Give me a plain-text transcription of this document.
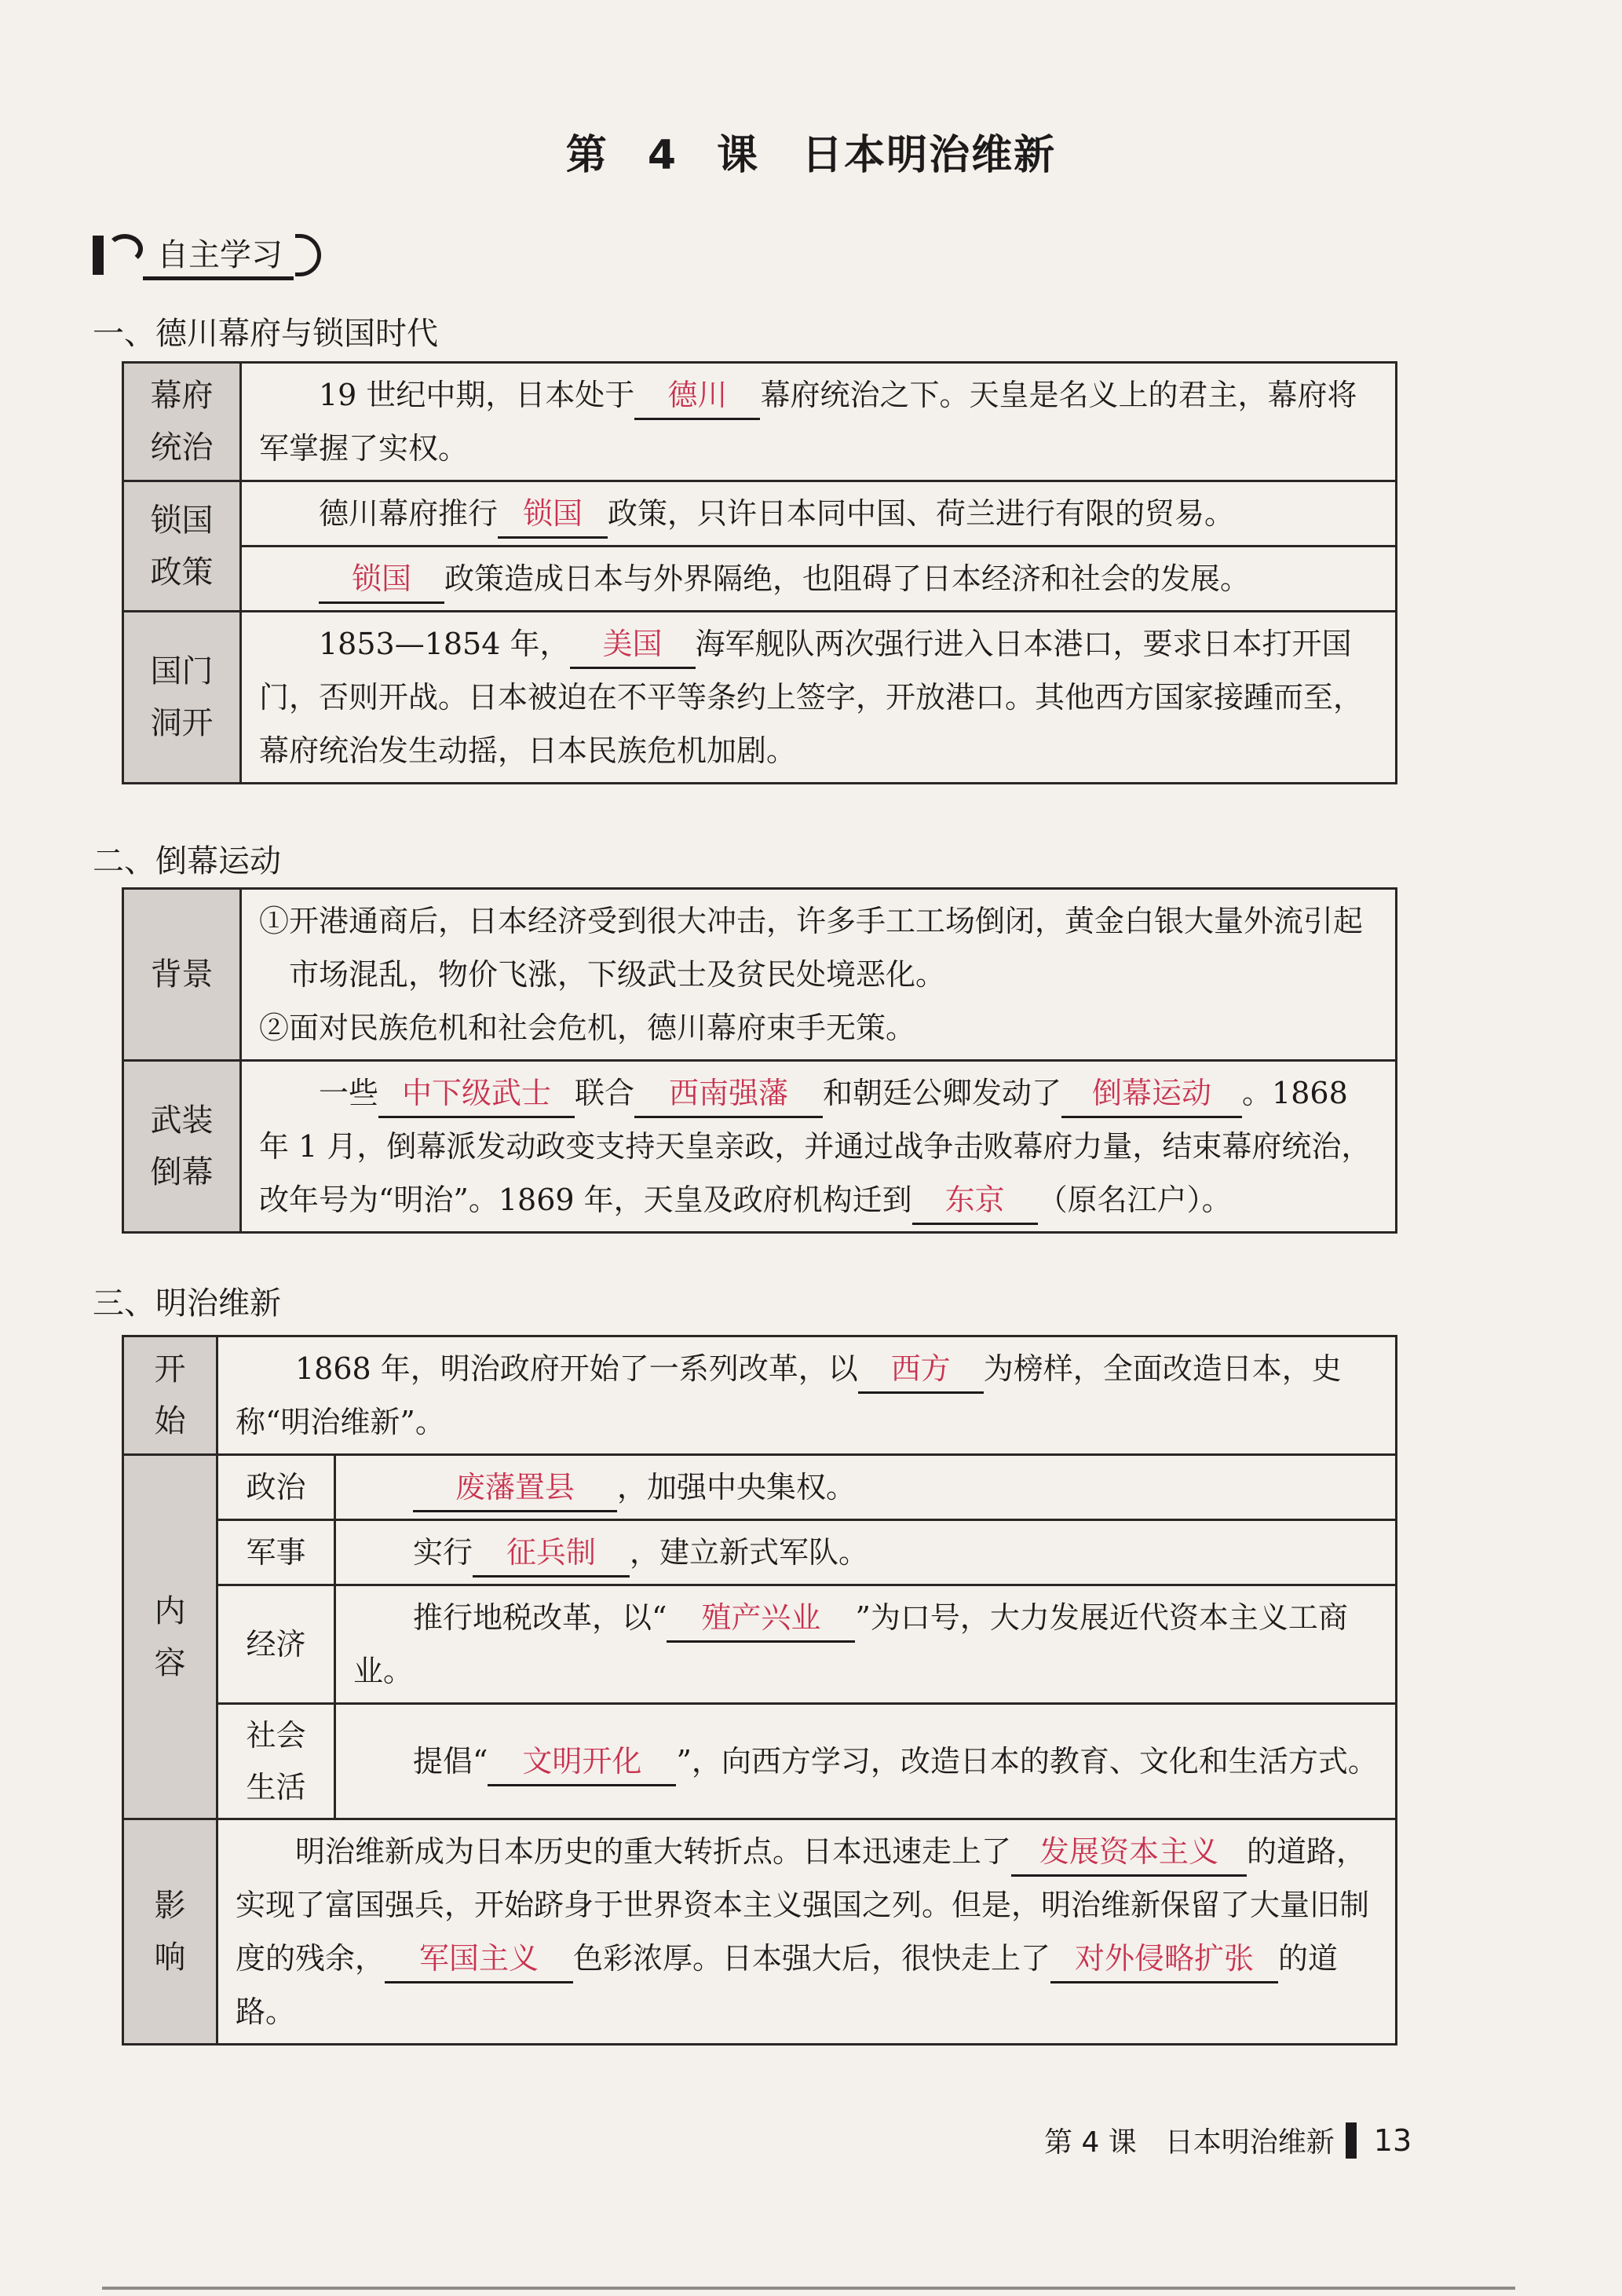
第 4 课　日本明治维新
自主学习
一、德川幕府与锁国时代
幕府
统治	19 世纪中期，日本处于 德川 幕府统治之下。天皇是名义上的君主，幕府将军掌握了实权。

锁国
政策	德川幕府推行 锁国 政策，只许日本同中国、荷兰进行有限的贸易。
	锁国 政策造成日本与外界隔绝，也阻碍了日本经济和社会的发展。

国门
洞开	1853—1854 年， 美国 海军舰队两次强行进入日本港口，要求日本打开国门，否则开战。日本被迫在不平等条约上签字，开放港口。其他西方国家接踵而至，幕府统治发生动摇，日本民族危机加剧。
二、倒幕运动
背景	①开港通商后，日本经济受到很大冲击，许多手工工场倒闭，黄金白银大量外流引起市场混乱，物价飞涨，下级武士及贫民处境恶化。
②面对民族危机和社会危机，德川幕府束手无策。

武装
倒幕	一些 中下级武士 联合 西南强藩 和朝廷公卿发动了 倒幕运动 。1868 年 1 月，倒幕派发动政变支持天皇亲政，并通过战争击败幕府力量，结束幕府统治，改年号为“明治”。1869 年，天皇及政府机构迁到 东京 （原名江户）。
三、明治维新
开
始	1868 年，明治政府开始了一系列改革，以 西方 为榜样，全面改造日本，史称“明治维新”。	

内
容	政治	废藩置县 ，加强中央集权。
	军事	实行 征兵制 ，建立新式军队。
	经济	推行地税改革，以“ 殖产兴业 ”为口号，大力发展近代资本主义工商业。

	社会
生活	提倡“ 文明开化 ”，向西方学习，改造日本的教育、文化和生活方式。

影
响	明治维新成为日本历史的重大转折点。日本迅速走上了 发展资本主义 的道路，实现了富国强兵，开始跻身于世界资本主义强国之列。但是，明治维新保留了大量旧制度的残余， 军国主义 色彩浓厚。日本强大后，很快走上了 对外侵略扩张 的道路。	
第 4 课　日本明治维新 13
